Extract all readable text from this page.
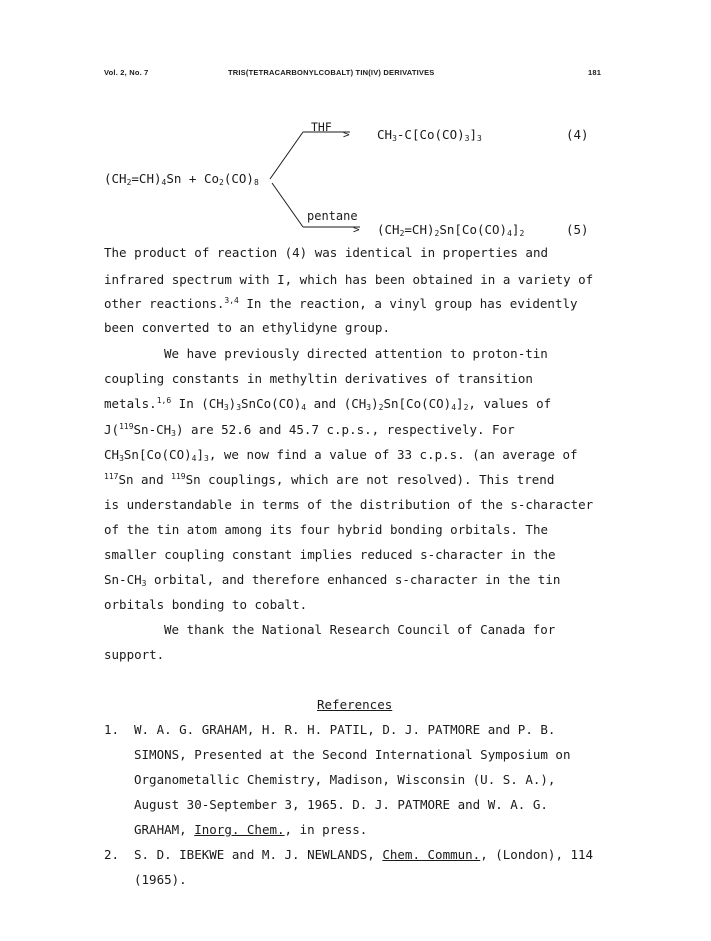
Vol. 2, No. 7	TRIS(TETRACARBONYLCOBALT) TIN(IV) DERIVATIVES	181
THF
> $CH_3-C[Co(CO)_3]_3$	(4)
$(CH_2=CH)_4Sn + Co_2(CO)_8$
pentane
> $(CH_2=CH)_2Sn[Co(CO)_4]_2$	(5)
The product of reaction (4) was identical in properties and
infrared spectrum with I, which has been obtained in a variety of
other reactions.$^{3,4}$ In the reaction, a vinyl group has evidently
been converted to an ethylidyne group.
We have previously directed attention to proton-tin
coupling constants in methyltin derivatives of transition
metals.$^{1,6}$ In $(CH_3)_3SnCo(CO)_4$ and $(CH_3)_2Sn[Co(CO)_4]_2$, values of
$J(^{119}Sn-CH_3)$ are 52.6 and 45.7 c.p.s., respectively. For
$CH_3Sn[Co(CO)_4]_3$, we now find a value of 33 c.p.s. (an average of
$^{117}$Sn and $^{119}$Sn couplings, which are not resolved). This trend
is understandable in terms of the distribution of the s-character
of the tin atom among its four hybrid bonding orbitals. The
smaller coupling constant implies reduced s-character in the
$Sn-CH_3$ orbital, and therefore enhanced s-character in the tin
orbitals bonding to cobalt.
We thank the National Research Council of Canada for
support.
References
1. W. A. G. GRAHAM, H. R. H. PATIL, D. J. PATMORE and P. B.
SIMONS, Presented at the Second International Symposium on
Organometallic Chemistry, Madison, Wisconsin (U. S. A.),
August 30-September 3, 1965. D. J. PATMORE and W. A. G.
GRAHAM, Inorg. Chem., in press.
2. S. D. IBEKWE and M. J. NEWLANDS, Chem. Commun., (London), 114
(1965).
